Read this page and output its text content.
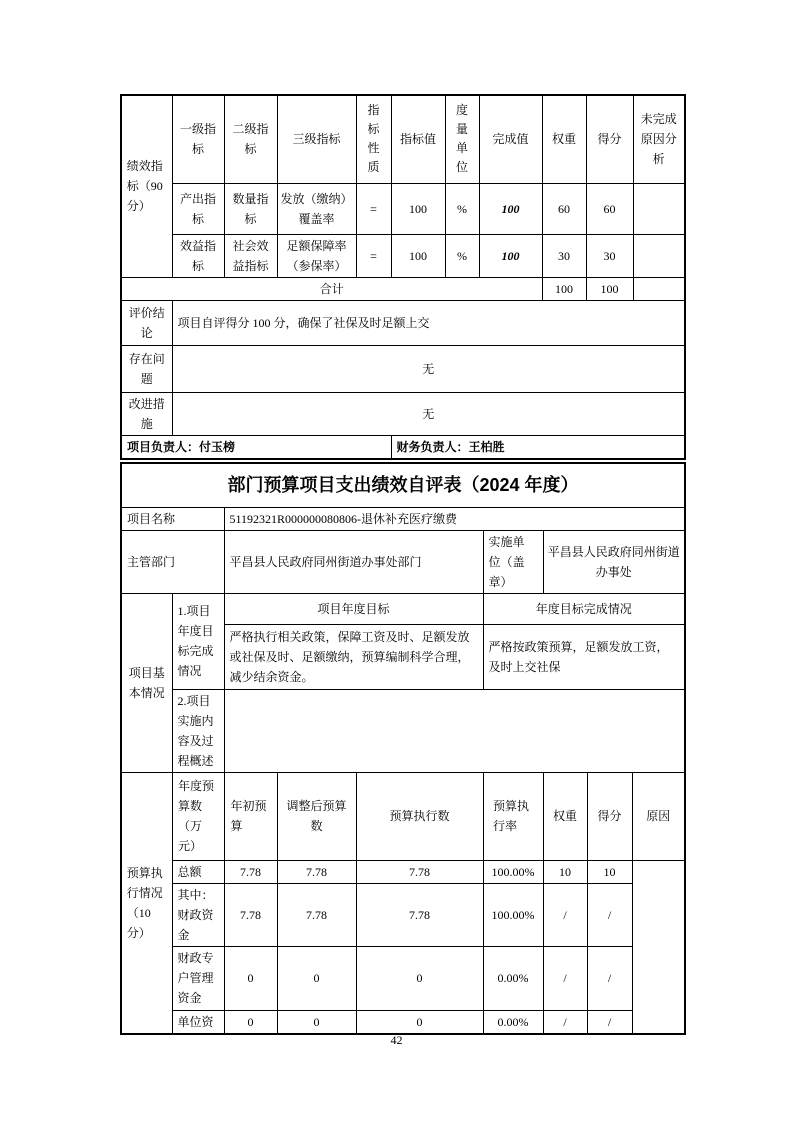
绩效指标（90分）	一级指标	二级指标	三级指标	指标性质	指标值	度量单位	完成值	权重	得分	未完成原因分析
	产出指标	数量指标	发放（缴纳）覆盖率	=	100	%	100	60	60	
	效益指标	社会效益指标	足额保障率（参保率）	=	100	%	100	30	30	
合计								100	100	
评价结论	项目自评得分 100 分，确保了社保及时足额上交									
存在问题	无									
改进措施	无									
项目负责人：付玉榜					财务负责人：王柏胜					
部门预算项目支出绩效自评表（2024 年度）								
项目名称		51192321R000000080806-退休补充医疗缴费						
主管部门		平昌县人民政府同州街道办事处部门			实施单位（盖章）	平昌县人民政府同州街道办事处		
项目基本情况	1.项目年度目标完成情况	项目年度目标			年度目标完成情况			
		严格执行相关政策，保障工资及时、足额发放或社保及时、足额缴纳，预算编制科学合理，减少结余资金。			严格按政策预算，足额发放工资，及时上交社保			
	2.项目实施内容及过程概述							
预算执行情况（10分）	年度预算数（万元）	年初预算	调整后预算数	预算执行数	预算执行率	权重	得分	原因
	总额	7.78	7.78	7.78	100.00%	10	10	
	其中：财政资金	7.78	7.78	7.78	100.00%	/	/	
	财政专户管理资金	0	0	0	0.00%	/	/	
	单位资	0	0	0	0.00%	/	/	
42
